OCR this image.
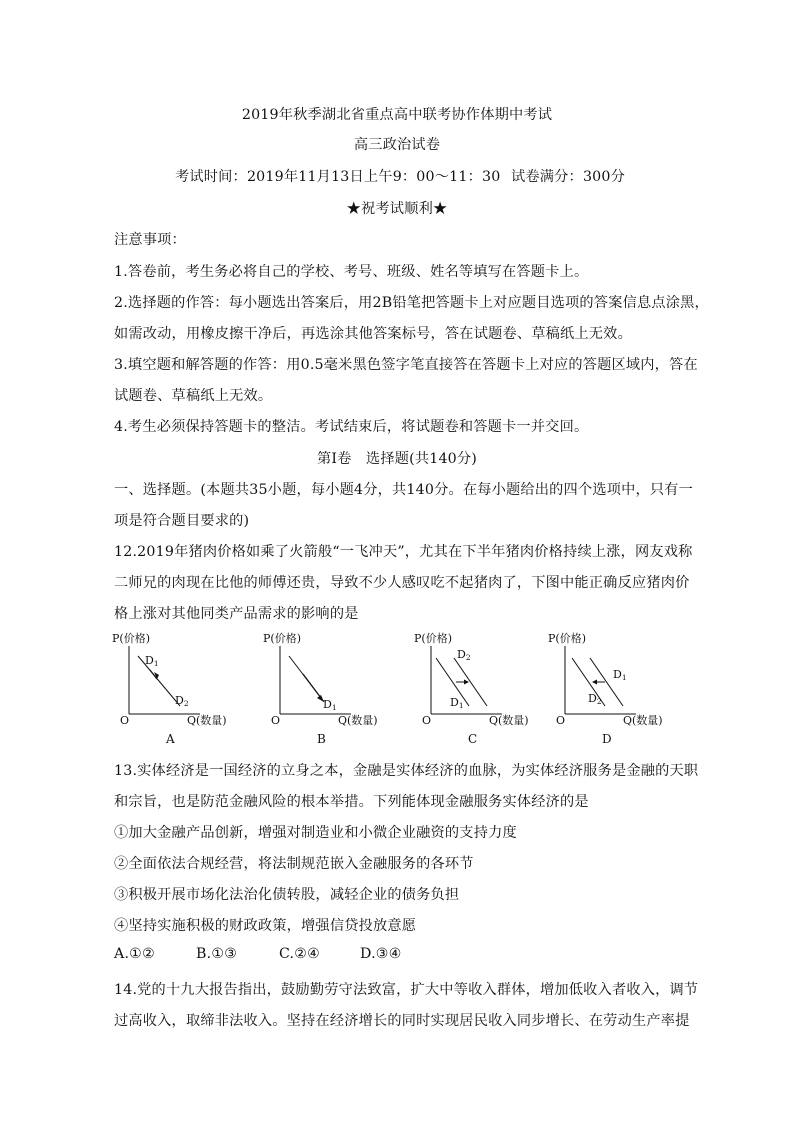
2019年秋季湖北省重点高中联考协作体期中考试
高三政治试卷
考试时间：2019年11月13日上午9：00～11：30 试卷满分：300分
★祝考试顺利★
注意事项：
1.答卷前，考生务必将自己的学校、考号、班级、姓名等填写在答题卡上。
2.选择题的作答：每小题选出答案后，用2B铅笔把答题卡上对应题目选项的答案信息点涂黑，
如需改动，用橡皮擦干净后，再选涂其他答案标号，答在试题卷、草稿纸上无效。
3.填空题和解答题的作答：用0.5毫米黑色签字笔直接答在答题卡上对应的答题区域内，答在
试题卷、草稿纸上无效。
4.考生必须保持答题卡的整洁。考试结束后，将试题卷和答题卡一并交回。
第Ⅰ卷　选择题(共140分)
一、选择题。(本题共35小题，每小题4分，共140分。在每小题给出的四个选项中，只有一
项是符合题目要求的)
12.2019年猪肉价格如乘了火箭般“一飞冲天”，尤其在下半年猪肉价格持续上涨，网友戏称
二师兄的肉现在比他的师傅还贵，导致不少人感叹吃不起猪肉了，下图中能正确反应猪肉价
格上涨对其他同类产品需求的影响的是
P(价格)
O	Q(数量)
D1
D2
A
P(价格)
O	Q(数量)
D1
B
P(价格)
O	Q(数量)
D2
D1
C
P(价格)
O	Q(数量)
D1
D2
D
13.实体经济是一国经济的立身之本，金融是实体经济的血脉，为实体经济服务是金融的天职
和宗旨，也是防范金融风险的根本举措。下列能体现金融服务实体经济的是
①加大金融产品创新，增强对制造业和小微企业融资的支持力度
②全面依法合规经营，将法制规范嵌入金融服务的各环节
③积极开展市场化法治化债转股，减轻企业的债务负担
④坚持实施积极的财政政策，增强信贷投放意愿
A.①②	B.①③	C.②④	D.③④
14.党的十九大报告指出，鼓励勤劳守法致富，扩大中等收入群体，增加低收入者收入，调节
过高收入，取缔非法收入。坚持在经济增长的同时实现居民收入同步增长、在劳动生产率提
